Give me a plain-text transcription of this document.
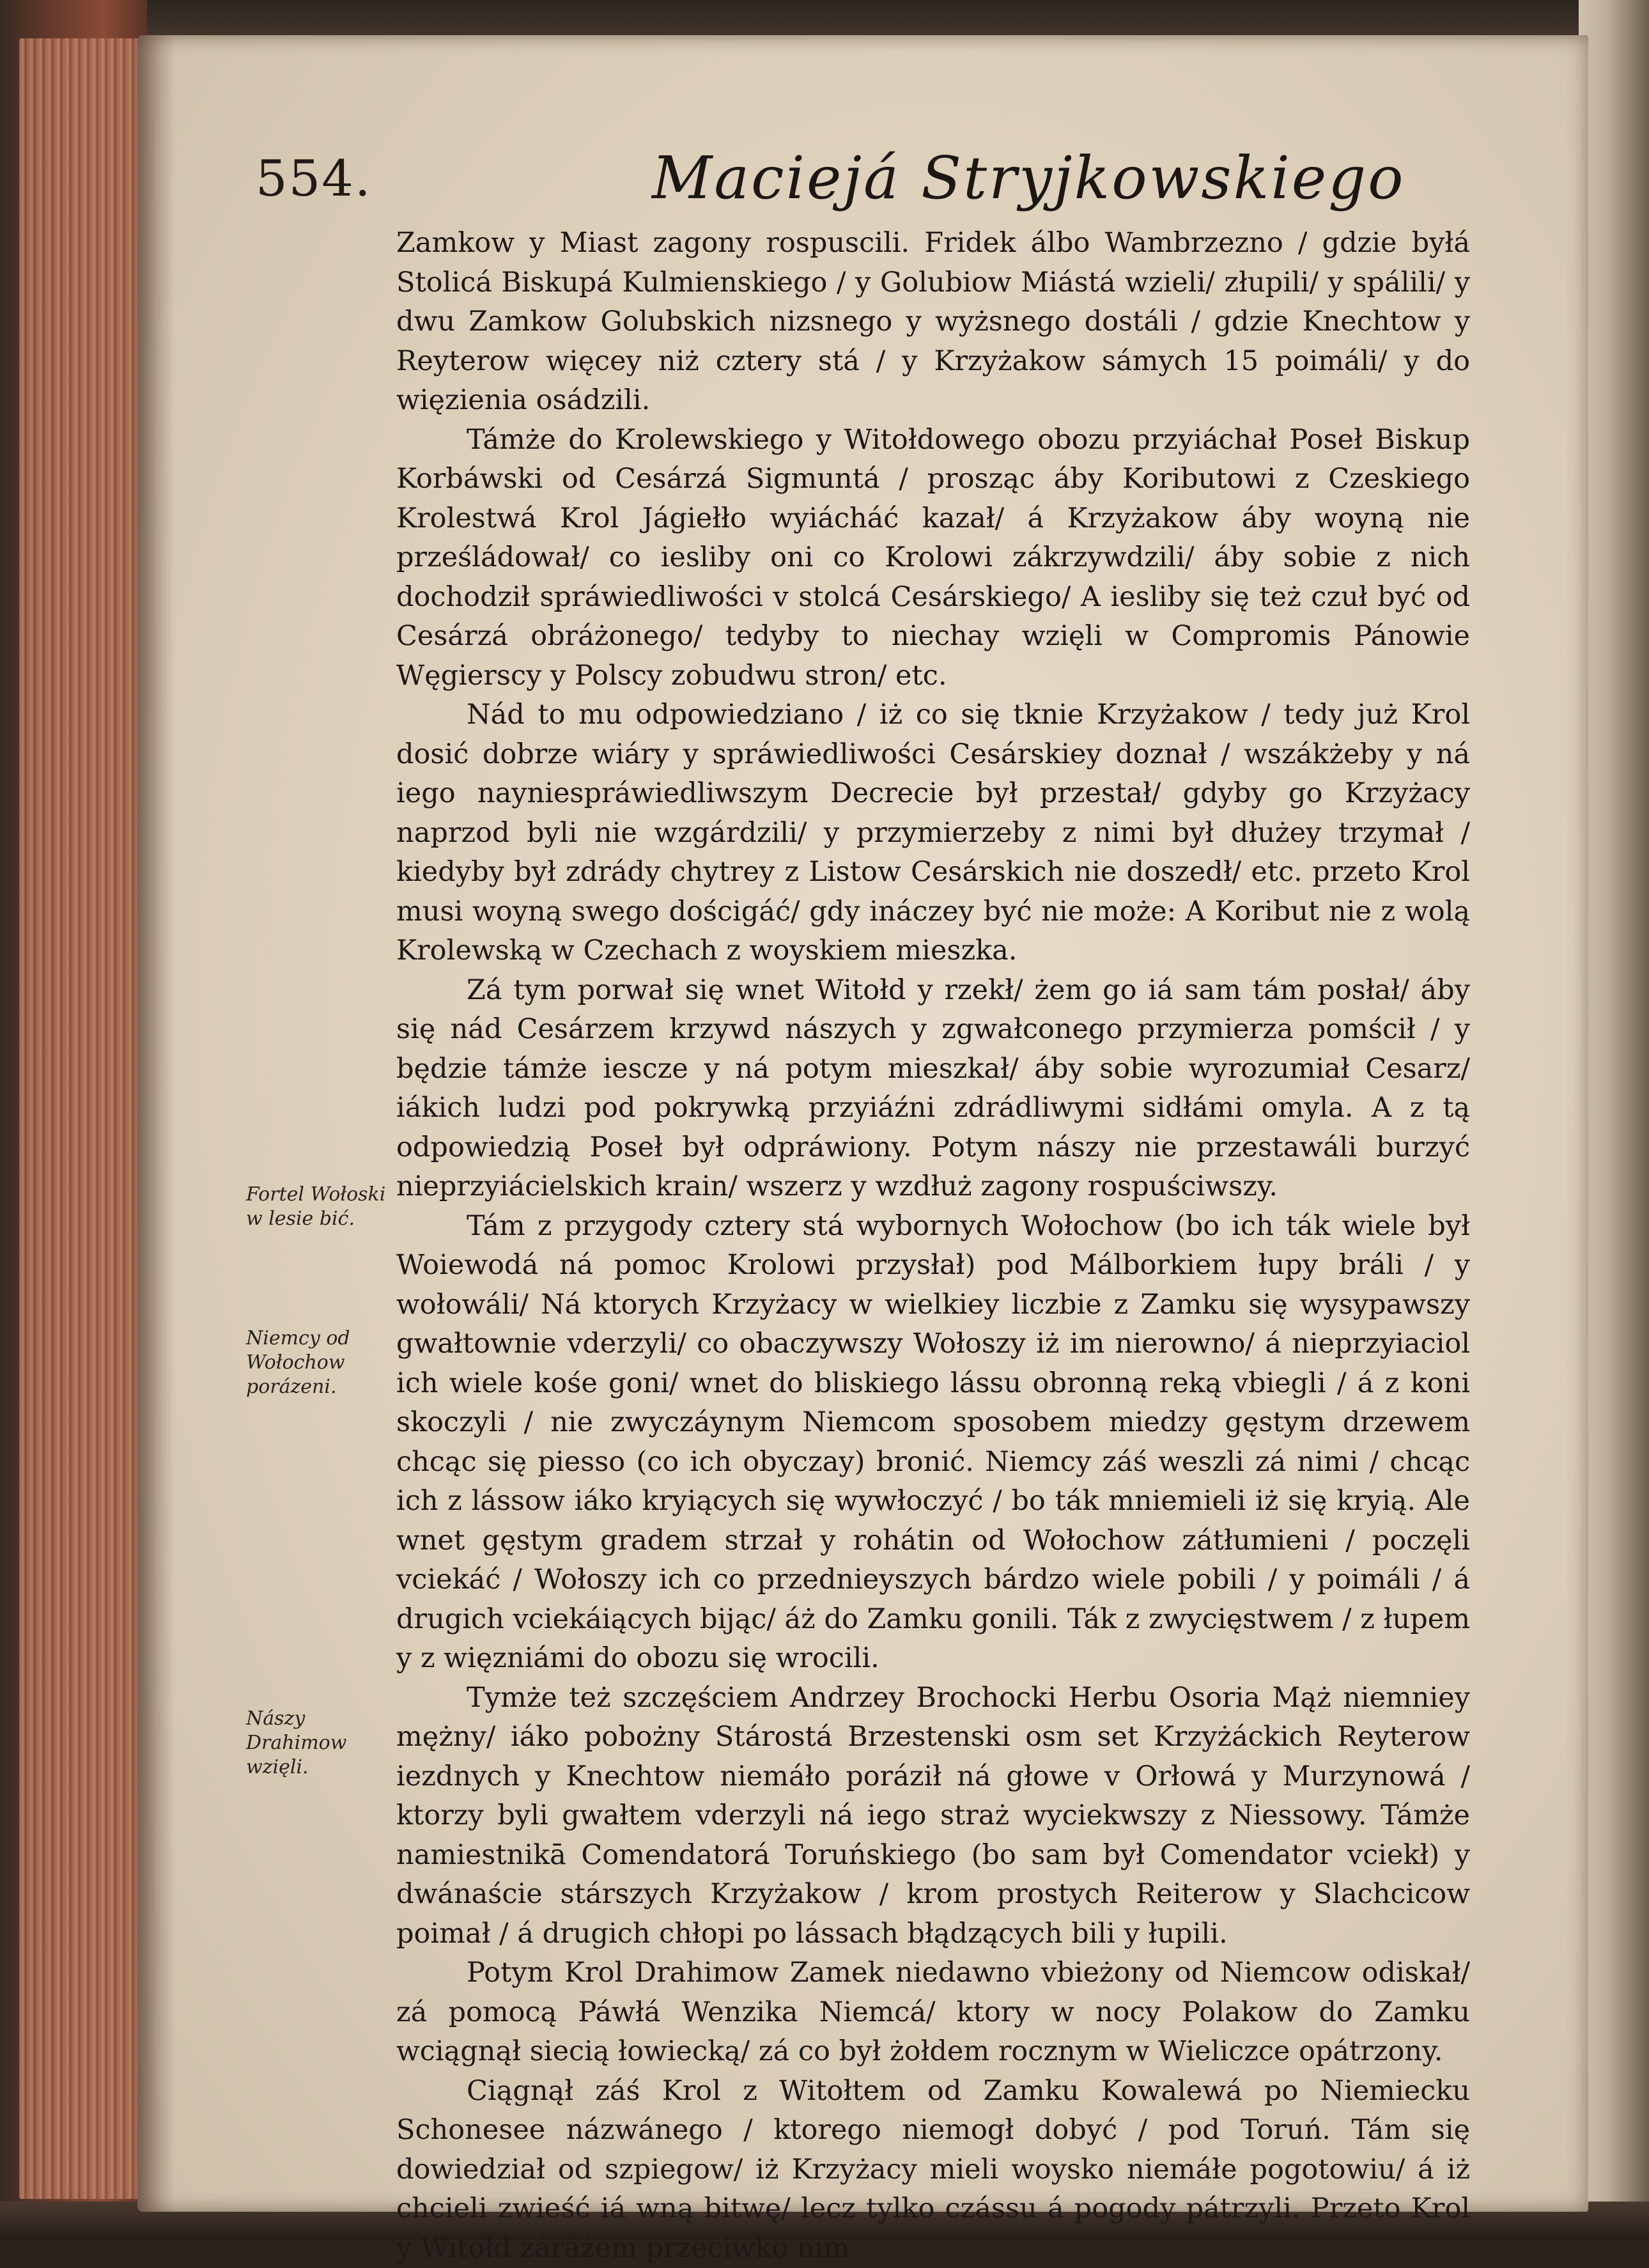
554.	Maciejá Stryjkowskiego

Zamkow y Miast zagony rospuscili. Fridek álbo Wambrzezno / gdzie byłá Stolicá Biskupá Kulmienskiego / y Golubiow Miástá wzieli/ złupili/ y spálili/ y dwu Zamkow Golubskich nizsnego y wyżsnego dostáli / gdzie Knechtow y Reyterow więcey niż cztery stá / y Krzyżakow sámych 15 poimáli/ y do więzienia osádzili.

Támże do Krolewskiego y Witołdowego obozu przyiáchał Poseł Biskup Korbáwski od Cesárzá Sigmuntá / prosząc áby Koributowi z Czeskiego Krolestwá Krol Jágiełło wyiácháć kazał/ á Krzyżakow áby woyną nie prześládował/ co iesliby oni co Krolowi zákrzywdzili/ áby sobie z nich dochodził spráwiedliwości v stolcá Cesárskiego/ A iesliby się też czuł być od Cesárzá obráżonego/ tedyby to niechay wzięli w Compromis Pánowie Węgierscy y Polscy zobudwu stron/ etc.

Nád to mu odpowiedziano / iż co się tknie Krzyżakow / tedy już Krol dosić dobrze wiáry y spráwiedliwości Cesárskiey doznał / wszákżeby y ná iego nayniespráwiedliwszym Decrecie był przestał/ gdyby go Krzyżacy naprzod byli nie wzgárdzili/ y przymierzeby z nimi był dłużey trzymał / kiedyby był zdrády chytrey z Listow Cesárskich nie doszedł/ etc. przeto Krol musi woyną swego dościgáć/ gdy ináczey być nie może: A Koribut nie z wolą Krolewską w Czechach z woyskiem mieszka.

Zá tym porwał się wnet Witołd y rzekł/ żem go iá sam tám posłał/ áby się nád Cesárzem krzywd nászych y zgwałconego przymierza pomścił / y będzie támże iescze y ná potym mieszkał/ áby sobie wyrozumiał Cesarz/ iákich ludzi pod pokrywką przyiáźni zdrádliwymi sidłámi omyla. A z tą odpowiedzią Poseł był odpráwiony. Potym nászy nie przestawáli burzyć nieprzyiácielskich krain/ wszerz y wzdłuż zagony rospuściwszy.

Tám z przygody cztery stá wybornych Wołochow (bo ich ták wiele był Woiewodá ná pomoc Krolowi przysłał) pod Málborkiem łupy bráli / y wołowáli/ Ná ktorych Krzyżacy w wielkiey liczbie z Zamku się wysypawszy gwałtownie vderzyli/ co obaczywszy Wołoszy iż im nierowno/ á nieprzyiaciol ich wiele kośe goni/ wnet do bliskiego lássu obronną reką vbiegli / á z koni skoczyli / nie zwyczáynym Niemcom sposobem miedzy gęstym drzewem chcąc się piesso (co ich obyczay) bronić. Niemcy záś weszli zá nimi / chcąc ich z lássow iáko kryiących się wywłoczyć / bo ták mniemieli iż się kryią. Ale wnet gęstym gradem strzał y rohátin od Wołochow zátłumieni / poczęli vciekáć / Wołoszy ich co przednieyszych bárdzo wiele pobili / y poimáli / á drugich vciekáiących bijąc/ áż do Zamku gonili. Ták z zwycięstwem / z łupem y z więzniámi do obozu się wrocili.

Tymże też szczęściem Andrzey Brochocki Herbu Osoria Mąż niemniey mężny/ iáko pobożny Stárostá Brzestenski osm set Krzyżáckich Reyterow iezdnych y Knechtow niemáło poráził ná głowe v Orłowá y Murzynowá / ktorzy byli gwałtem vderzyli ná iego straż wyciekwszy z Niessowy. Támże namiestnikā Comendatorá Toruńskiego (bo sam był Comendator vciekł) y dwánaście stárszych Krzyżakow / krom prostych Reiterow y Slachcicow poimał / á drugich chłopi po lássach błądzących bili y łupili.

Potym Krol Drahimow Zamek niedawno vbieżony od Niemcow odiskał/ zá pomocą Páwłá Wenzika Niemcá/ ktory w nocy Polakow do Zamku wciągnął siecią łowiecką/ zá co był żołdem rocznym w Wieliczce opátrzony.

Ciągnął záś Krol z Witołtem od Zamku Kowalewá po Niemiecku Schonesee názwánego / ktorego niemogł dobyć / pod Toruń. Tám się dowiedział od szpiegow/ iż Krzyżacy mieli woysko niemáłe pogotowiu/ á iż chcieli zwieść iá wną bitwę/ lecz tylko czássu á pogody pátrzyli. Przeto Krol y Witołd záráżem przeciwko nim

Fortel Wołoski w lesie bić.
Niemcy od Wołochow porázeni.
Nászy Drahimow wzięli.
